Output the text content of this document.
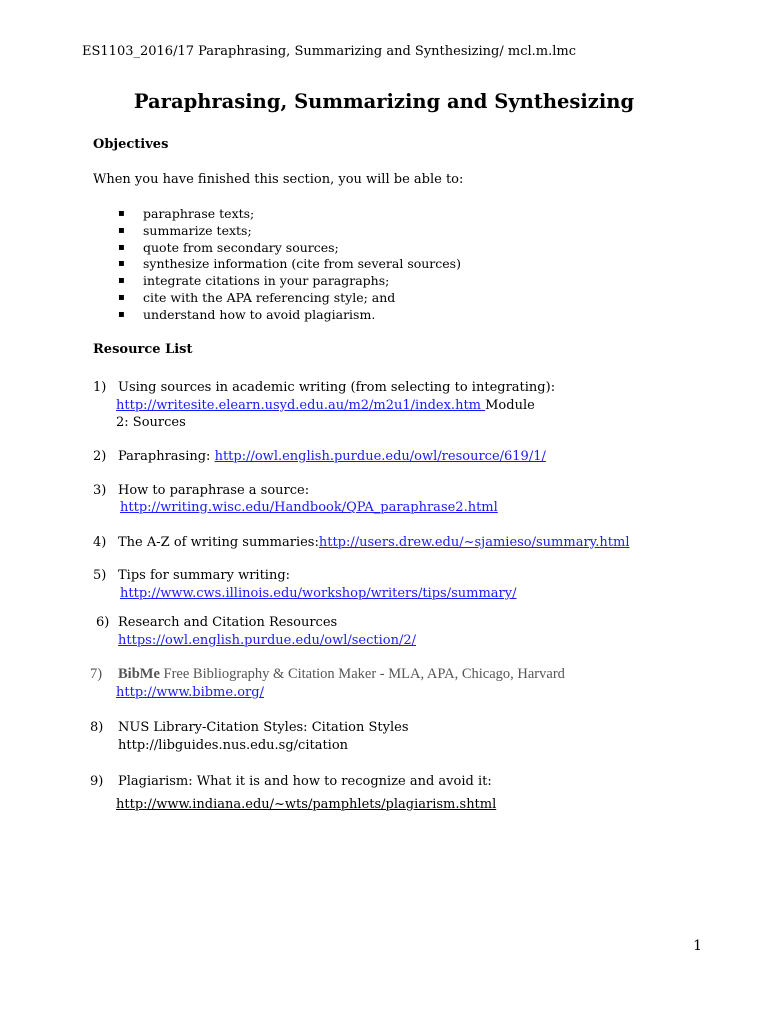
ES1103_2016/17 Paraphrasing, Summarizing and Synthesizing/ mcl.m.lmc
Paraphrasing, Summarizing and Synthesizing
Objectives
When you have finished this section, you will be able to:
▪ paraphrase texts;
▪ summarize texts;
▪ quote from secondary sources;
▪ synthesize information (cite from several sources)
▪ integrate citations in your paragraphs;
▪ cite with the APA referencing style; and
▪ understand how to avoid plagiarism.
Resource List
1) Using sources in academic writing (from selecting to integrating):
http://writesite.elearn.usyd.edu.au/m2/m2u1/index.htm Module
2: Sources
2) Paraphrasing: http://owl.english.purdue.edu/owl/resource/619/1/
3) How to paraphrase a source:
http://writing.wisc.edu/Handbook/QPA_paraphrase2.html
4) The A-Z of writing summaries:http://users.drew.edu/~sjamieso/summary.html
5) Tips for summary writing:
http://www.cws.illinois.edu/workshop/writers/tips/summary/
6) Research and Citation Resources
https://owl.english.purdue.edu/owl/section/2/
7) BibMe Free Bibliography & Citation Maker - MLA, APA, Chicago, Harvard
http://www.bibme.org/
8) NUS Library-Citation Styles: Citation Styles
http://libguides.nus.edu.sg/citation
9) Plagiarism: What it is and how to recognize and avoid it:
http://www.indiana.edu/~wts/pamphlets/plagiarism.shtml
1
